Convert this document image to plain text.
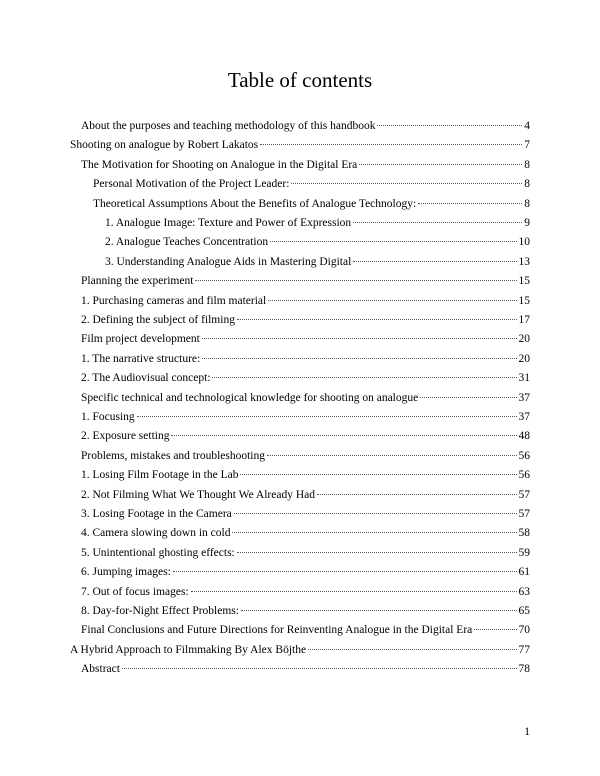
Table of contents
About the purposes and teaching methodology of this handbook	4
Shooting on analogue by Robert Lakatos	7
The Motivation for Shooting on Analogue in the Digital Era	8
Personal Motivation of the Project Leader:	8
Theoretical Assumptions About the Benefits of Analogue Technology:	8
1. Analogue Image: Texture and Power of Expression	9
2. Analogue Teaches Concentration	10
3. Understanding Analogue Aids in Mastering Digital	13
Planning the experiment	15
1. Purchasing cameras and film material	15
2. Defining the subject of filming	17
Film project development	20
1. The narrative structure:	20
2. The Audiovisual concept:	31
Specific technical and technological knowledge for shooting on analogue	37
1. Focusing	37
2. Exposure setting	48
Problems, mistakes and troubleshooting	56
1. Losing Film Footage in the Lab	56
2. Not Filming What We Thought We Already Had	57
3. Losing Footage in the Camera	57
4. Camera slowing down in cold	58
5. Unintentional ghosting effects:	59
6. Jumping images:	61
7. Out of focus images:	63
8. Day-for-Night Effect Problems:	65
Final Conclusions and Future Directions for Reinventing Analogue in the Digital Era	70
A Hybrid Approach to Filmmaking By Alex Böjthe	77
Abstract	78
1
